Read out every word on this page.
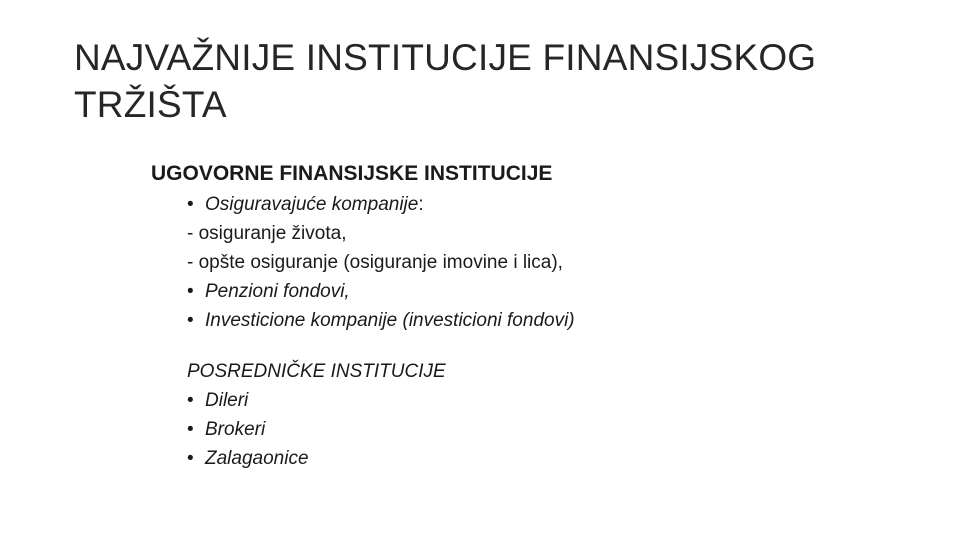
NAJVAŽNIJE INSTITUCIJE FINANSIJSKOG
TRŽIŠTA
UGOVORNE FINANSIJSKE INSTITUCIJE
• Osiguravajuće kompanije:
- osiguranje života,
- opšte osiguranje (osiguranje imovine i lica),
• Penzioni fondovi,
• Investicione kompanije (investicioni fondovi)
POSREDNIČKE INSTITUCIJE
• Dileri
• Brokeri
• Zalagaonice
